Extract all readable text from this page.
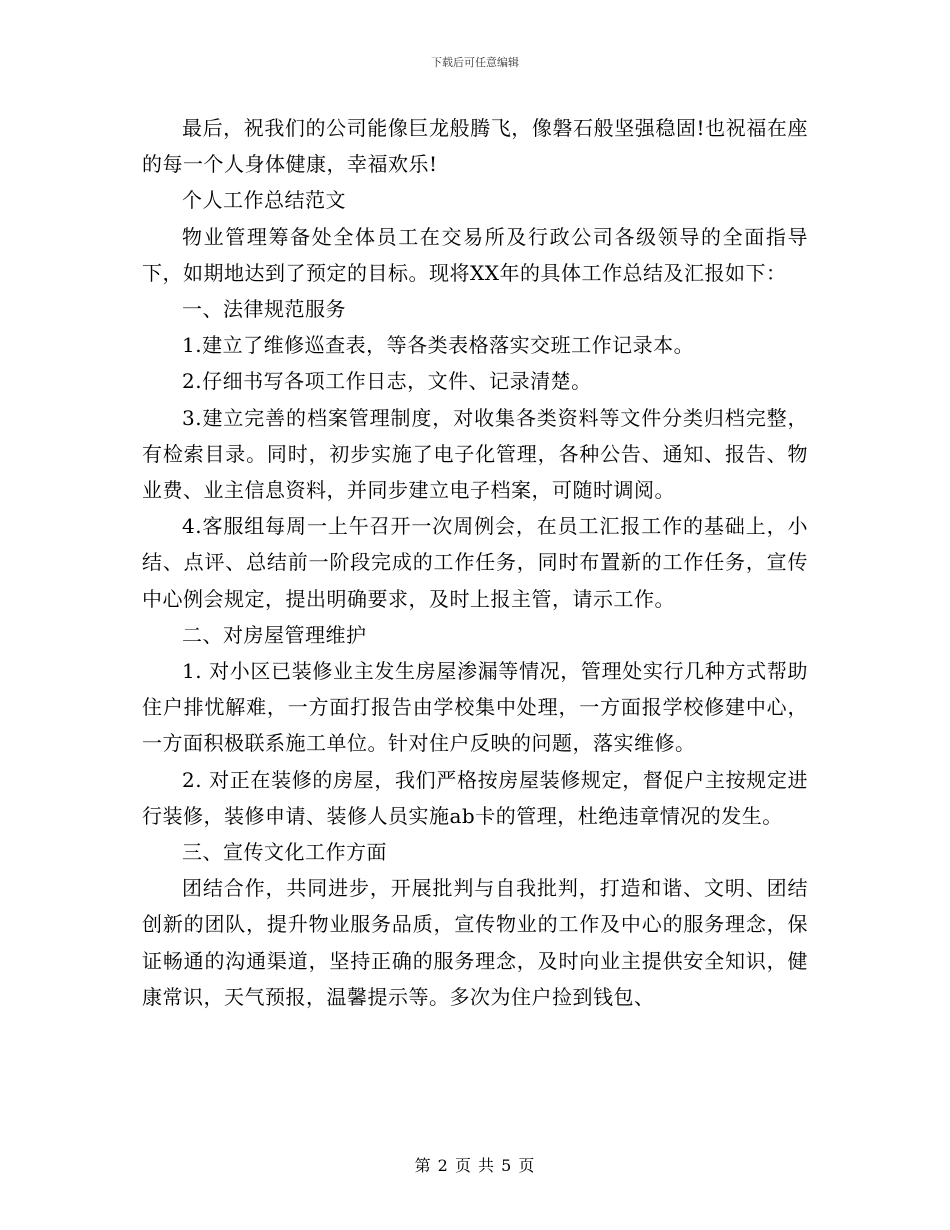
下载后可任意编辑

最后，祝我们的公司能像巨龙般腾飞，像磐石般坚强稳固!也祝福在座的每一个人身体健康，幸福欢乐!

个人工作总结范文

物业管理筹备处全体员工在交易所及行政公司各级领导的全面指导下，如期地达到了预定的目标。现将XX年的具体工作总结及汇报如下：

一、法律规范服务

1.建立了维修巡查表，等各类表格落实交班工作记录本。

2.仔细书写各项工作日志，文件、记录清楚。

3.建立完善的档案管理制度，对收集各类资料等文件分类归档完整，有检索目录。同时，初步实施了电子化管理，各种公告、通知、报告、物业费、业主信息资料，并同步建立电子档案，可随时调阅。

4.客服组每周一上午召开一次周例会，在员工汇报工作的基础上，小结、点评、总结前一阶段完成的工作任务，同时布置新的工作任务，宣传中心例会规定，提出明确要求，及时上报主管，请示工作。

二、对房屋管理维护

1. 对小区已装修业主发生房屋渗漏等情况，管理处实行几种方式帮助住户排忧解难，一方面打报告由学校集中处理，一方面报学校修建中心，一方面积极联系施工单位。针对住户反映的问题，落实维修。

2. 对正在装修的房屋，我们严格按房屋装修规定，督促户主按规定进行装修，装修申请、装修人员实施ab卡的管理，杜绝违章情况的发生。

三、宣传文化工作方面

团结合作，共同进步，开展批判与自我批判，打造和谐、文明、团结创新的团队，提升物业服务品质，宣传物业的工作及中心的服务理念，保证畅通的沟通渠道，坚持正确的服务理念，及时向业主提供安全知识，健康常识，天气预报，温馨提示等。多次为住户捡到钱包、

第 2 页 共 5 页
